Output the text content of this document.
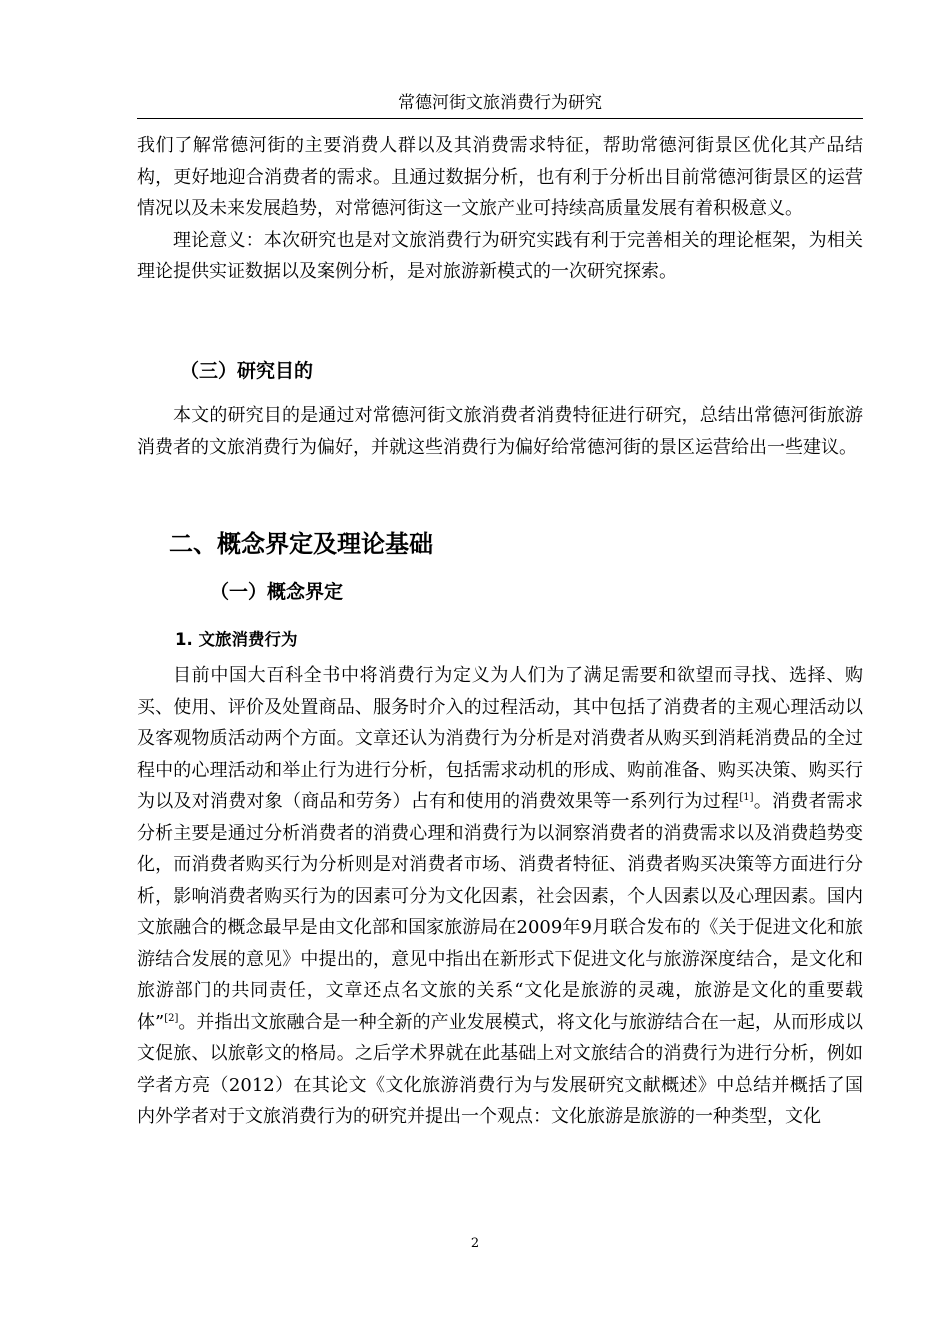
常德河街文旅消费行为研究

我们了解常德河街的主要消费人群以及其消费需求特征，帮助常德河街景区优化其产品结构，更好地迎合消费者的需求。且通过数据分析，也有利于分析出目前常德河街景区的运营情况以及未来发展趋势，对常德河街这一文旅产业可持续高质量发展有着积极意义。

理论意义：本次研究也是对文旅消费行为研究实践有利于完善相关的理论框架，为相关理论提供实证数据以及案例分析，是对旅游新模式的一次研究探索。

（三）研究目的

本文的研究目的是通过对常德河街文旅消费者消费特征进行研究，总结出常德河街旅游消费者的文旅消费行为偏好，并就这些消费行为偏好给常德河街的景区运营给出一些建议。

二、概念界定及理论基础
（一）概念界定
1. 文旅消费行为

目前中国大百科全书中将消费行为定义为人们为了满足需要和欲望而寻找、选择、购买、使用、评价及处置商品、服务时介入的过程活动，其中包括了消费者的主观心理活动以及客观物质活动两个方面。文章还认为消费行为分析是对消费者从购买到消耗消费品的全过程中的心理活动和举止行为进行分析，包括需求动机的形成、购前准备、购买决策、购买行为以及对消费对象（商品和劳务）占有和使用的消费效果等一系列行为过程[1]。消费者需求分析主要是通过分析消费者的消费心理和消费行为以洞察消费者的消费需求以及消费趋势变化，而消费者购买行为分析则是对消费者市场、消费者特征、消费者购买决策等方面进行分析，影响消费者购买行为的因素可分为文化因素，社会因素，个人因素以及心理因素。国内文旅融合的概念最早是由文化部和国家旅游局在2009年9月联合发布的《关于促进文化和旅游结合发展的意见》中提出的，意见中指出在新形式下促进文化与旅游深度结合，是文化和旅游部门的共同责任，文章还点名文旅的关系“文化是旅游的灵魂，旅游是文化的重要载体”[2]。并指出文旅融合是一种全新的产业发展模式，将文化与旅游结合在一起，从而形成以文促旅、以旅彰文的格局。之后学术界就在此基础上对文旅结合的消费行为进行分析，例如学者方亮（2012）在其论文《文化旅游消费行为与发展研究文献概述》中总结并概括了国内外学者对于文旅消费行为的研究并提出一个观点：文化旅游是旅游的一种类型，文化

2
